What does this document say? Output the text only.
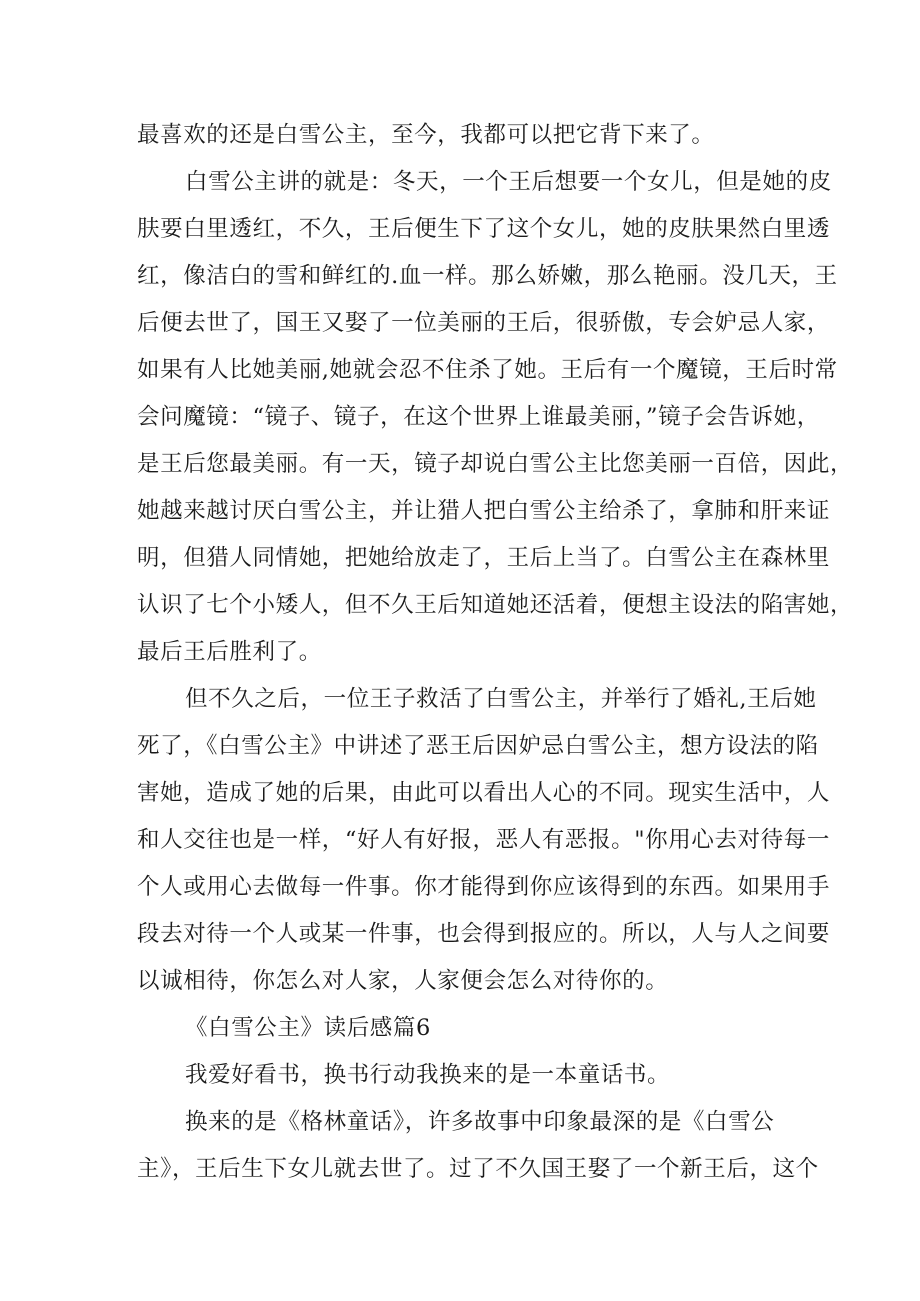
最喜欢的还是白雪公主，至今，我都可以把它背下来了。
白雪公主讲的就是：冬天，一个王后想要一个女儿，但是她的皮
肤要白里透红，不久，王后便生下了这个女儿，她的皮肤果然白里透
红，像洁白的雪和鲜红的.血一样。那么娇嫩，那么艳丽。没几天，王
后便去世了，国王又娶了一位美丽的王后，很骄傲，专会妒忌人家，
如果有人比她美丽,她就会忍不住杀了她。王后有一个魔镜，王后时常
会问魔镜：“镜子、镜子，在这个世界上谁最美丽，”镜子会告诉她，
是王后您最美丽。有一天，镜子却说白雪公主比您美丽一百倍，因此，
她越来越讨厌白雪公主，并让猎人把白雪公主给杀了，拿肺和肝来证
明，但猎人同情她，把她给放走了，王后上当了。白雪公主在森林里
认识了七个小矮人，但不久王后知道她还活着，便想主设法的陷害她，
最后王后胜利了。
但不久之后，一位王子救活了白雪公主，并举行了婚礼,王后她
死了，《白雪公主》中讲述了恶王后因妒忌白雪公主，想方设法的陷
害她，造成了她的后果，由此可以看出人心的不同。现实生活中，人
和人交往也是一样，“好人有好报，恶人有恶报。"你用心去对待每一
个人或用心去做每一件事。你才能得到你应该得到的东西。如果用手
段去对待一个人或某一件事，也会得到报应的。所以，人与人之间要
以诚相待，你怎么对人家，人家便会怎么对待你的。
《白雪公主》读后感篇6
我爱好看书，换书行动我换来的是一本童话书。
换来的是《格林童话》，许多故事中印象最深的是《白雪公
主》，王后生下女儿就去世了。过了不久国王娶了一个新王后，这个
